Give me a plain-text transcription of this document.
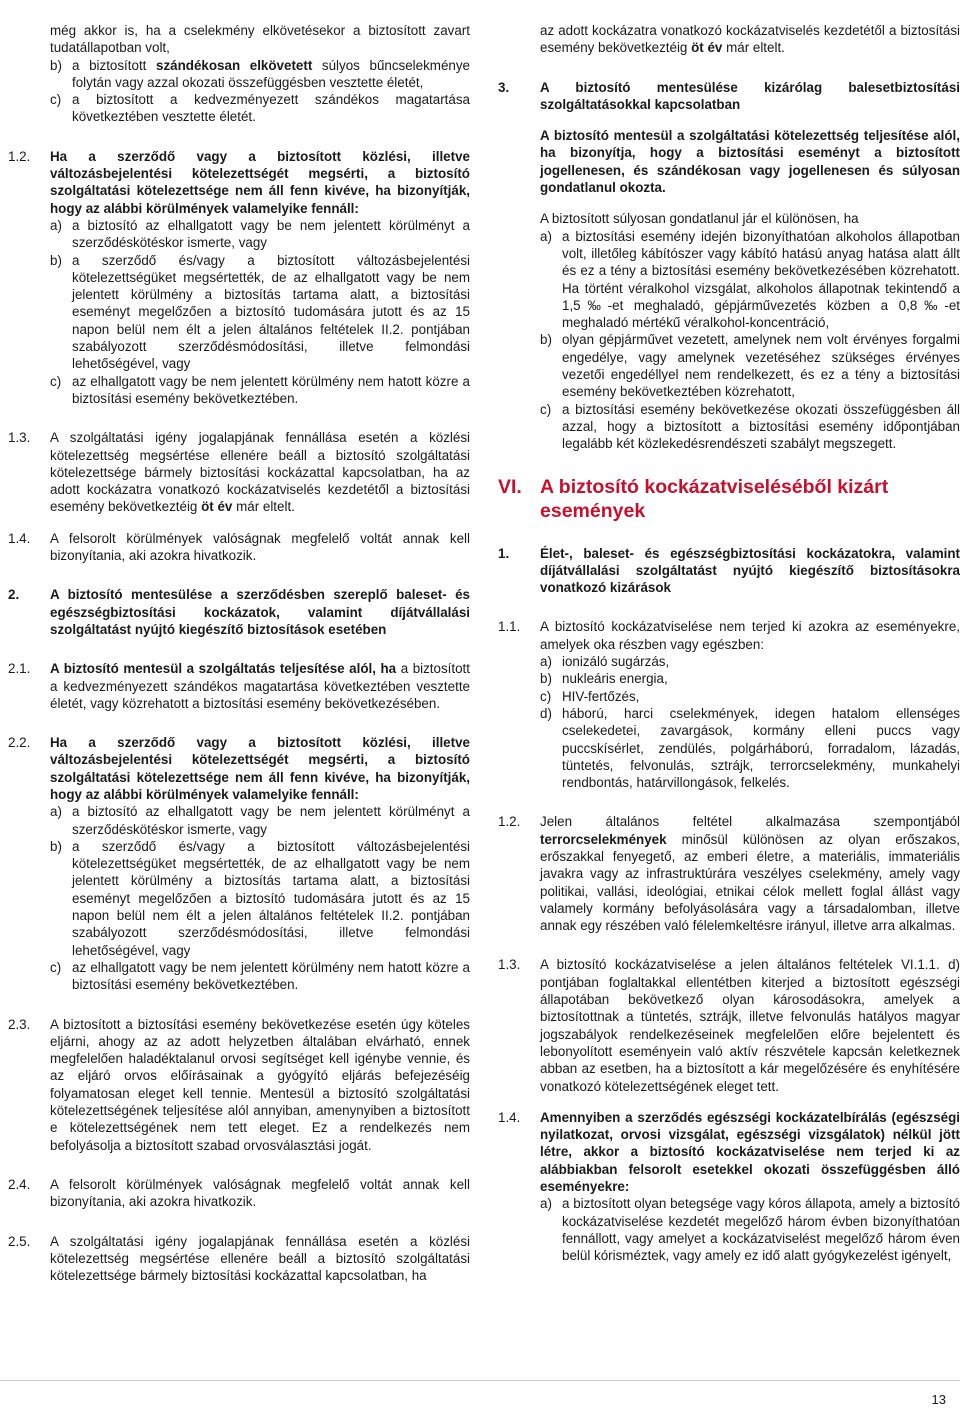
még akkor is, ha a cselekmény elkövetésekor a biztosított zavart tudatállapotban volt,
b) a biztosított szándékosan elkövetett súlyos bűncselekménye folytán vagy azzal okozati összefüggésben vesztette életét,
c) a biztosított a kedvezményezett szándékos magatartása következtében vesztette életét.
1.2. Ha a szerződő vagy a biztosított közlési, illetve változásbejelentési kötelezettségét megsérti, a biztosító szolgáltatási kötelezettsége nem áll fenn kivéve, ha bizonyítják, hogy az alábbi körülmények valamelyike fennáll:
a) a biztosító az elhallgatott vagy be nem jelentett körülményt a szerződéskötéskor ismerte, vagy
b) a szerződő és/vagy a biztosított változásbejelentési kötelezettségüket megsértették, de az elhallgatott vagy be nem jelentett körülmény a biztosítás tartama alatt, a biztosítási eseményt megelőzően a biztosító tudomására jutott és az 15 napon belül nem élt a jelen általános feltételek II.2. pontjában szabályozott szerződésmódosítási, illetve felmondási lehetőségével, vagy
c) az elhallgatott vagy be nem jelentett körülmény nem hatott közre a biztosítási esemény bekövetkeztében.
1.3. A szolgáltatási igény jogalapjának fennállása esetén a közlési kötelezettség megsértése ellenére beáll a biztosító szolgáltatási kötelezettsége bármely biztosítási kockázattal kapcsolatban, ha az adott kockázatra vonatkozó kockázatviselés kezdetétől a biztosítási esemény bekövetkeztéig öt év már eltelt.
1.4. A felsorolt körülmények valóságnak megfelelő voltát annak kell bizonyítania, aki azokra hivatkozik.
2. A biztosító mentesülése a szerződésben szereplő baleset- és egészségbiztosítási kockázatok, valamint díjátvállalási szolgáltatást nyújtó kiegészítő biztosítások esetében
2.1. A biztosító mentesül a szolgáltatás teljesítése alól, ha a biztosított a kedvezményezett szándékos magatartása következtében vesztette életét, vagy közrehatott a biztosítási esemény bekövetkezésében.
2.2. Ha a szerződő vagy a biztosított közlési, illetve változásbejelentési kötelezettségét megsérti, a biztosító szolgáltatási kötelezettsége nem áll fenn kivéve, ha bizonyítják, hogy az alábbi körülmények valamelyike fennáll:
a) a biztosító az elhallgatott vagy be nem jelentett körülményt a szerződéskötéskor ismerte, vagy
b) a szerződő és/vagy a biztosított változásbejelentési kötelezettségüket megsértették, de az elhallgatott vagy be nem jelentett körülmény a biztosítás tartama alatt, a biztosítási eseményt megelőzően a biztosító tudomására jutott és az 15 napon belül nem élt a jelen általános feltételek II.2. pontjában szabályozott szerződésmódosítási, illetve felmondási lehetőségével, vagy
c) az elhallgatott vagy be nem jelentett körülmény nem hatott közre a biztosítási esemény bekövetkeztében.
2.3. A biztosított a biztosítási esemény bekövetkezése esetén úgy köteles eljárni, ahogy az az adott helyzetben általában elvárható, ennek megfelelően haladéktalanul orvosi segítséget kell igénybe vennie, és az eljáró orvos előírásainak a gyógyító eljárás befejezéséig folyamatosan eleget kell tennie. Mentesül a biztosító szolgáltatási kötelezettségének teljesítése alól annyiban, amenynyiben a biztosított e kötelezettségének nem tett eleget. Ez a rendelkezés nem befolyásolja a biztosított szabad orvosválasztási jogát.
2.4. A felsorolt körülmények valóságnak megfelelő voltát annak kell bizonyítania, aki azokra hivatkozik.
2.5. A szolgáltatási igény jogalapjának fennállása esetén a közlési kötelezettség megsértése ellenére beáll a biztosító szolgáltatási kötelezettsége bármely biztosítási kockázattal kapcsolatban, ha
az adott kockázatra vonatkozó kockázatviselés kezdetétől a biztosítási esemény bekövetkeztéig öt év már eltelt.
3. A biztosító mentesülése kizárólag balesetbiztosítási szolgáltatásokkal kapcsolatban
A biztosító mentesül a szolgáltatási kötelezettség teljesítése alól, ha bizonyítja, hogy a biztosítási eseményt a biztosított jogellenesen, és szándékosan vagy jogellenesen és súlyosan gondatlanul okozta.
A biztosított súlyosan gondatlanul jár el különösen, ha
a) a biztosítási esemény idején bizonyíthatóan alkoholos állapotban volt, illetőleg kábítószer vagy kábító hatású anyag hatása alatt állt és ez a tény a biztosítási esemény bekövetkezésében közrehatott. Ha történt véralkohol vizsgálat, alkoholos állapotnak tekintendő a 1,5‰-et meghaladó, gépjárművezetés közben a 0,8‰-et meghaladó mértékű véralkohol-koncentráció,
b) olyan gépjárművet vezetett, amelynek nem volt érvényes forgalmi engedélye, vagy amelynek vezetéséhez szükséges érvényes vezetői engedéllyel nem rendelkezett, és ez a tény a biztosítási esemény bekövetkeztében közrehatott,
c) a biztosítási esemény bekövetkezése okozati összefüggésben áll azzal, hogy a biztosított a biztosítási esemény időpontjában legalább két közlekedésrendészeti szabályt megszegett.
VI. A biztosító kockázatviseléséből kizárt események
1. Élet-, baleset- és egészségbiztosítási kockázatokra, valamint díjátvállalási szolgáltatást nyújtó kiegészítő biztosításokra vonatkozó kizárások
1.1. A biztosító kockázatviselése nem terjed ki azokra az eseményekre, amelyek oka részben vagy egészben:
a) ionizáló sugárzás,
b) nukleáris energia,
c) HIV-fertőzés,
d) háború, harci cselekmények, idegen hatalom ellenséges cselekedetei, zavargások, kormány elleni puccs vagy puccskísérlet, zendülés, polgárháború, forradalom, lázadás, tüntetés, felvonulás, sztrájk, terrorcselekmény, munkahelyi rendbontás, határvillongások, felkelés.
1.2. Jelen általános feltétel alkalmazása szempontjából terrorcselekmények minősül különösen az olyan erőszakos, erőszakkal fenyegető, az emberi életre, a materiális, immateriális javakra vagy az infrastruktúrára veszélyes cselekmény, amely vagy politikai, vallási, ideológiai, etnikai célok mellett foglal állást vagy valamely kormány befolyásolására vagy a társadalomban, illetve annak egy részében való félelemkeltésre irányul, illetve arra alkalmas.
1.3. A biztosító kockázatviselése a jelen általános feltételek VI.1.1. d) pontjában foglaltakkal ellentétben kiterjed a biztosított egészségi állapotában bekövetkező olyan károsodásokra, amelyek a biztosítottnak a tüntetés, sztrájk, illetve felvonulás hatályos magyar jogszabályok rendelkezéseinek megfelelően előre bejelentett és lebonyolított eseményein való aktív részvétele kapcsán keletkeznek abban az esetben, ha a biztosított a kár megelőzésére és enyhítésére vonatkozó kötelezettségének eleget tett.
1.4. Amennyiben a szerződés egészségi kockázatelbírálás (egészségi nyilatkozat, orvosi vizsgálat, egészségi vizsgálatok) nélkül jött létre, akkor a biztosító kockázatviselése nem terjed ki az alábbiakban felsorolt esetekkel okozati összefüggésben álló eseményekre:
a) a biztosított olyan betegsége vagy kóros állapota, amely a biztosító kockázatviselése kezdetét megelőző három évben bizonyíthatóan fennállott, vagy amelyet a kockázatviselést megelőző három éven belül kórisméztek, vagy amely ez idő alatt gyógykezelést igényelt,
13
